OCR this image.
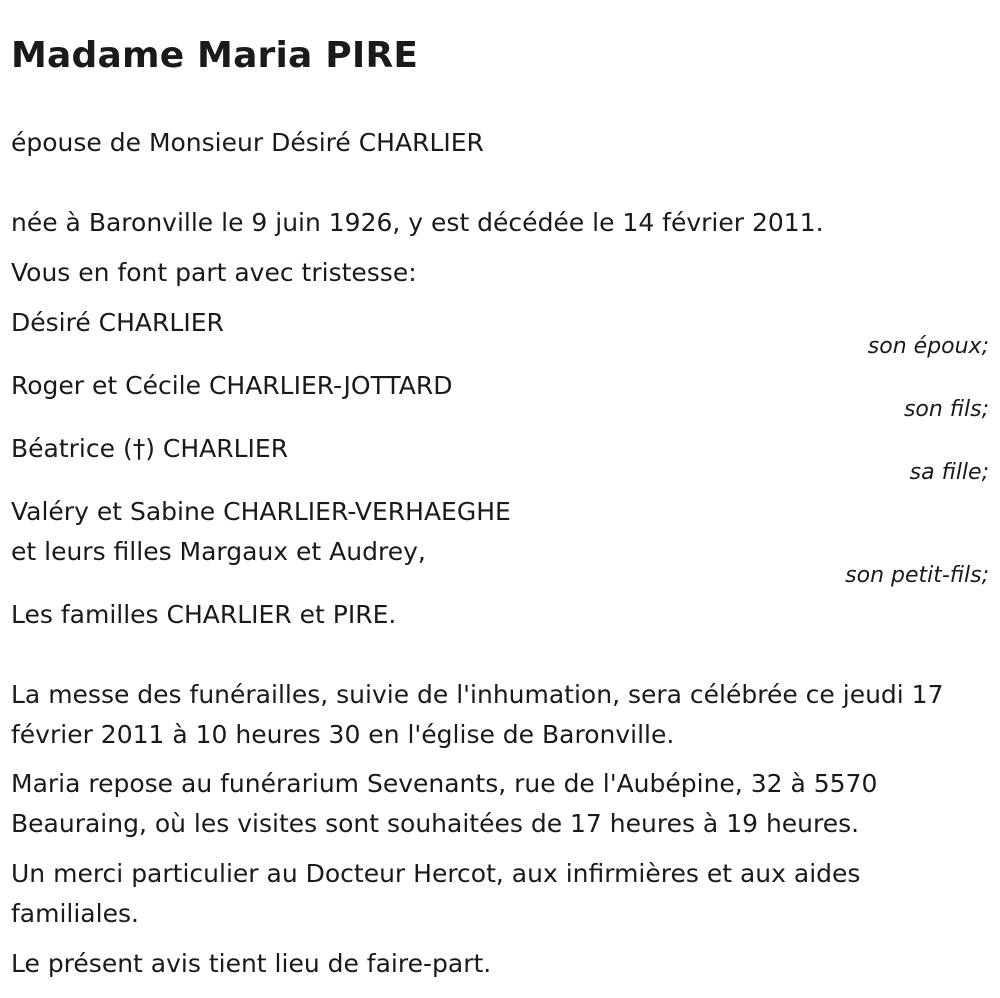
Madame Maria PIRE

épouse de Monsieur Désiré CHARLIER

née à Baronville le 9 juin 1926, y est décédée le 14 février 2011.

Vous en font part avec tristesse:

Désiré CHARLIER

son époux;

Roger et Cécile CHARLIER-JOTTARD

son fils;

Béatrice (†) CHARLIER

sa fille;

Valéry et Sabine CHARLIER-VERHAEGHE

et leurs filles Margaux et Audrey,

son petit-fils;

Les familles CHARLIER et PIRE.

La messe des funérailles, suivie de l'inhumation, sera célébrée ce jeudi 17 février 2011 à 10 heures 30 en l'église de Baronville.

Maria repose au funérarium Sevenants, rue de l'Aubépine, 32 à 5570 Beauraing, où les visites sont souhaitées de 17 heures à 19 heures.

Un merci particulier au Docteur Hercot, aux infirmières et aux aides familiales.

Le présent avis tient lieu de faire-part.
